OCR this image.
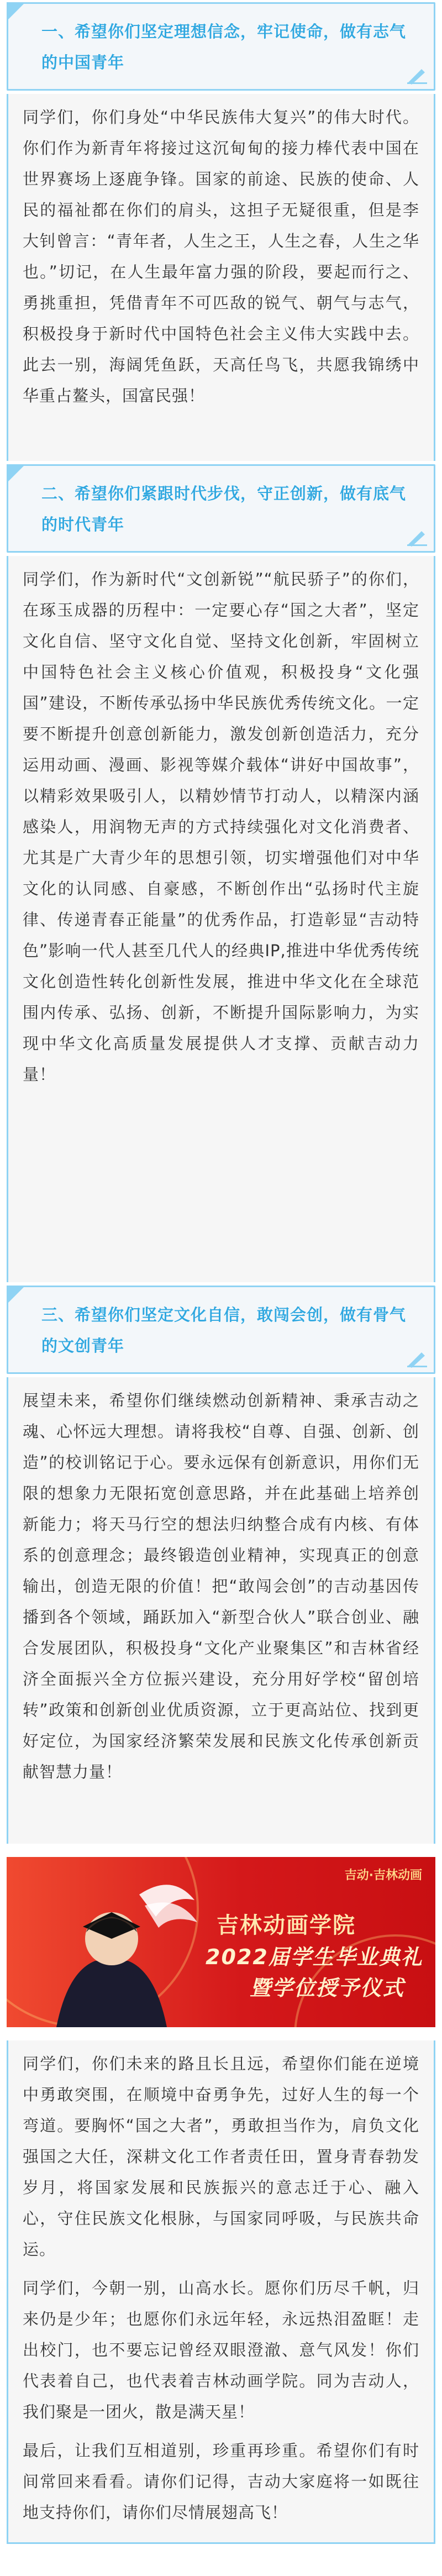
一、希望你们坚定理想信念，牢记使命，做有志气的中国青年

同学们，你们身处“中华民族伟大复兴”的伟大时代。你们作为新青年将接过这沉甸甸的接力棒代表中国在世界赛场上逐鹿争锋。国家的前途、民族的使命、人民的福祉都在你们的肩头，这担子无疑很重，但是李大钊曾言：“青年者，人生之王，人生之春，人生之华也。”切记，在人生最年富力强的阶段，要起而行之、勇挑重担，凭借青年不可匹敌的锐气、朝气与志气，积极投身于新时代中国特色社会主义伟大实践中去。此去一别，海阔凭鱼跃，天高任鸟飞，共愿我锦绣中华重占鳌头，国富民强！

二、希望你们紧跟时代步伐，守正创新，做有底气的时代青年

同学们，作为新时代“文创新锐”“航民骄子”的你们，在琢玉成器的历程中：一定要心存“国之大者”，坚定文化自信、坚守文化自觉、坚持文化创新，牢固树立中国特色社会主义核心价值观，积极投身“文化强国”建设，不断传承弘扬中华民族优秀传统文化。一定要不断提升创意创新能力，激发创新创造活力，充分运用动画、漫画、影视等媒介载体“讲好中国故事”，以精彩效果吸引人，以精妙情节打动人，以精深内涵感染人，用润物无声的方式持续强化对文化消费者、尤其是广大青少年的思想引领，切实增强他们对中华文化的认同感、自豪感，不断创作出“弘扬时代主旋律、传递青春正能量”的优秀作品，打造彰显“吉动特色”影响一代人甚至几代人的经典IP,推进中华优秀传统文化创造性转化创新性发展，推进中华文化在全球范围内传承、弘扬、创新，不断提升国际影响力，为实现中华文化高质量发展提供人才支撑、贡献吉动力量！

三、希望你们坚定文化自信，敢闯会创，做有骨气的文创青年

展望未来，希望你们继续燃动创新精神、秉承吉动之魂、心怀远大理想。请将我校“自尊、自强、创新、创造”的校训铭记于心。要永远保有创新意识，用你们无限的想象力无限拓宽创意思路，并在此基础上培养创新能力；将天马行空的想法归纳整合成有内核、有体系的创意理念；最终锻造创业精神，实现真正的创意输出，创造无限的价值！把“敢闯会创”的吉动基因传播到各个领域，踊跃加入“新型合伙人”联合创业、融合发展团队，积极投身“文化产业聚集区”和吉林省经济全面振兴全方位振兴建设，充分用好学校“留创培转”政策和创新创业优质资源，立于更高站位、找到更好定位，为国家经济繁荣发展和民族文化传承创新贡献智慧力量！

吉动·吉林动画
吉林动画学院
2022届学生毕业典礼
暨学位授予仪式

同学们，你们未来的路且长且远，希望你们能在逆境中勇敢突围，在顺境中奋勇争先，过好人生的每一个弯道。要胸怀“国之大者”，勇敢担当作为，肩负文化强国之大任，深耕文化工作者责任田，置身青春勃发岁月，将国家发展和民族振兴的意志迁于心、融入心，守住民族文化根脉，与国家同呼吸，与民族共命运。

同学们，今朝一别，山高水长。愿你们历尽千帆，归来仍是少年；也愿你们永远年轻，永远热泪盈眶！走出校门，也不要忘记曾经双眼澄澈、意气风发！你们代表着自己，也代表着吉林动画学院。同为吉动人，我们聚是一团火，散是满天星！

最后，让我们互相道别，珍重再珍重。希望你们有时间常回来看看。请你们记得，吉动大家庭将一如既往地支持你们，请你们尽情展翅高飞！
